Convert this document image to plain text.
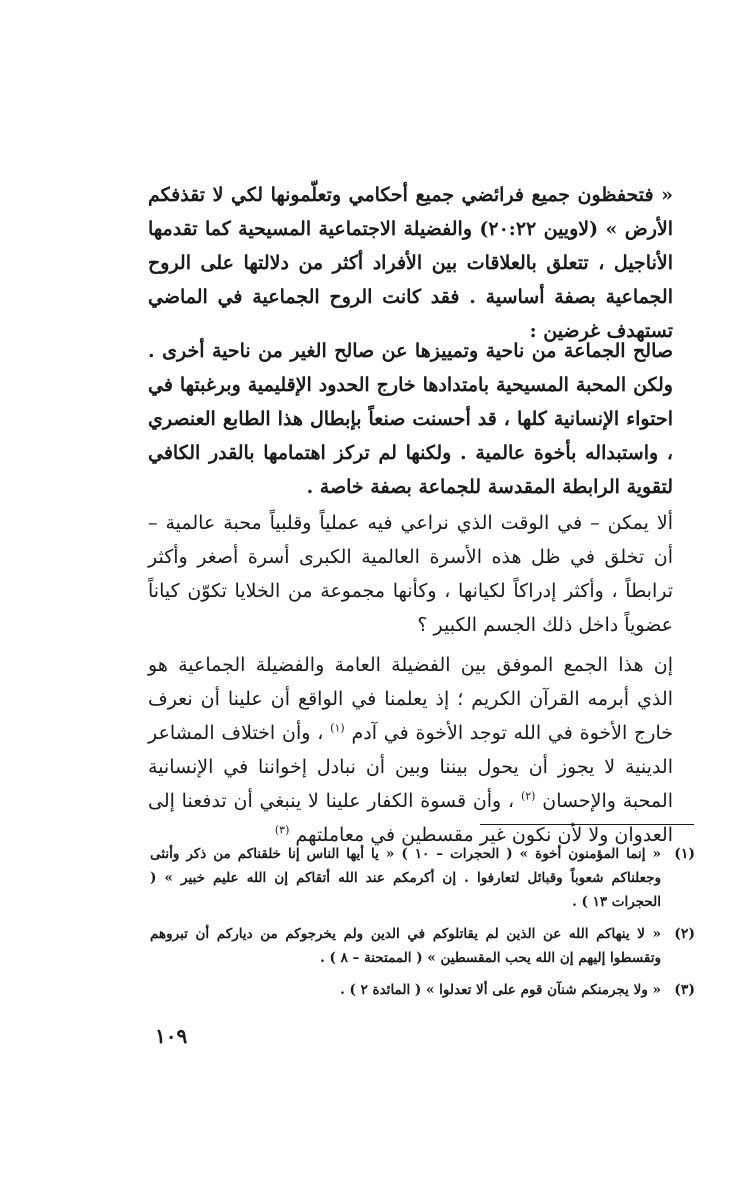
« فتحفظون جميع فرائضي جميع أحكامي وتعلّمونها لكي لا تقذفكم الأرض » (لاويين ٢٠:٢٢) والفضيلة الاجتماعية المسيحية كما تقدمها الأناجيل ، تتعلق بالعلاقات بين الأفراد أكثر من دلالتها على الروح الجماعية بصفة أساسية . فقد كانت الروح الجماعية في الماضي تستهدف غرضين :

صالح الجماعة من ناحية وتمييزها عن صالح الغير من ناحية أخرى . ولكن المحبة المسيحية بامتدادها خارج الحدود الإقليمية وبرغبتها في احتواء الإنسانية كلها ، قد أحسنت صنعاً بإبطال هذا الطابع العنصري ، واستبداله بأخوة عالمية . ولكنها لم تركز اهتمامها بالقدر الكافي لتقوية الرابطة المقدسة للجماعة بصفة خاصة .

ألا يمكن – في الوقت الذي نراعي فيه عملياً وقلبياً محبة عالمية – أن تخلق في ظل هذه الأسرة العالمية الكبرى أسرة أصغر وأكثر ترابطاً ، وأكثر إدراكاً لكيانها ، وكأنها مجموعة من الخلايا تكوّن كياناً عضوياً داخل ذلك الجسم الكبير ؟

إن هذا الجمع الموفق بين الفضيلة العامة والفضيلة الجماعية هو الذي أبرمه القرآن الكريم ؛ إذ يعلمنا في الواقع أن علينا أن نعرف خارج الأخوة في الله توجد الأخوة في آدم $^{(١)}$ ، وأن اختلاف المشاعر الدينية لا يجوز أن يحول بيننا وبين أن نبادل إخواننا في الإنسانية المحبة والإحسان $^{(٢)}$ ، وأن قسوة الكفار علينا لا ينبغي أن تدفعنا إلى العدوان ولا لأن نكون غير مقسطين في معاملتهم $^{(٣)}$

(١)
« إنما المؤمنون أخوة » ( الحجرات – ١٠ ) « يا أيها الناس إنا خلقناكم من ذكر وأنثى وجعلناكم شعوباً وقبائل لتعارفوا . إن أكرمكم عند الله أتقاكم إن الله عليم خبير » ( الحجرات ١٣ ) .
(٢)
« لا ينهاكم الله عن الذين لم يقاتلوكم في الدين ولم يخرجوكم من دياركم أن تبروهم وتقسطوا إليهم إن الله يحب المقسطين » ( الممتحنة – ٨ ) .
(٣)
« ولا يجرمنكم شنآن قوم على ألا تعدلوا » ( المائدة ٢ ) .
١٠٩
